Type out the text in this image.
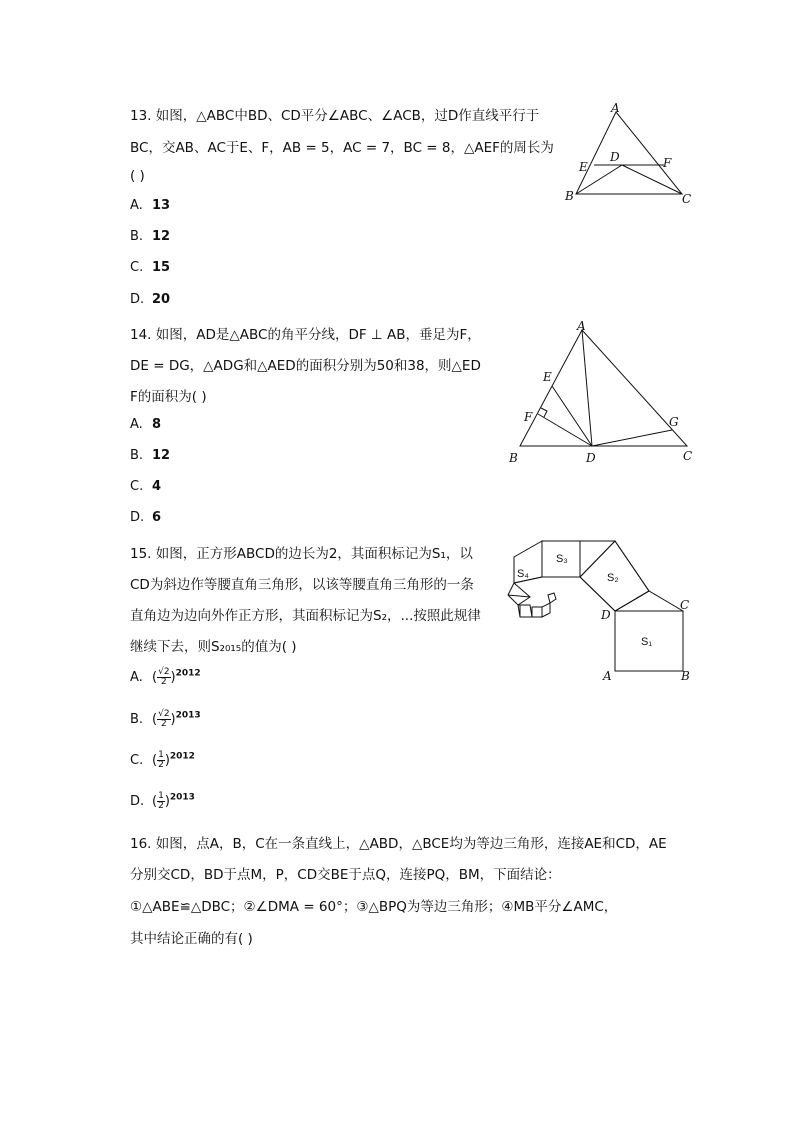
13. 如图，△ABC中BD、CD平分∠ABC、∠ACB，过D作直线平行于
BC，交AB、AC于E、F，AB = 5，AC = 7，BC = 8，△AEF的周长为
( )
A. 13
B. 12
C. 15
D. 20
A
B	C
D
E	F
14. 如图，AD是△ABC的角平分线，DF ⊥ AB，垂足为F，
DE = DG，△ADG和△AED的面积分别为50和38，则△ED
F的面积为( )
A. 8
B. 12
C. 4
D. 6
A
B	C
D
E
F	G
15. 如图，正方形ABCD的边长为2，其面积标记为S₁，以
CD为斜边作等腰直角三角形，以该等腰直角三角形的一条
直角边为边向外作正方形，其面积标记为S₂，...按照此规律
继续下去，则S₂₀₁₅的值为( )
A. ( $\frac{√2}{2} )^{2012}$
B. ( $\frac{√2}{2} )^{2013}$
C. ( $\frac{1}{2} )^{2012}$
D. ( $\frac{1}{2} )^{2013}$
C
D
A	B
S₁
S₂
S₃
S₄
16. 如图，点A，B，C在一条直线上，△ABD，△BCE均为等边三角形，连接AE和CD，AE
分别交CD，BD于点M，P，CD交BE于点Q，连接PQ，BM，下面结论：
①△ABE≌△DBC；②∠DMA = 60°；③△BPQ为等边三角形；④MB平分∠AMC，
其中结论正确的有( )
